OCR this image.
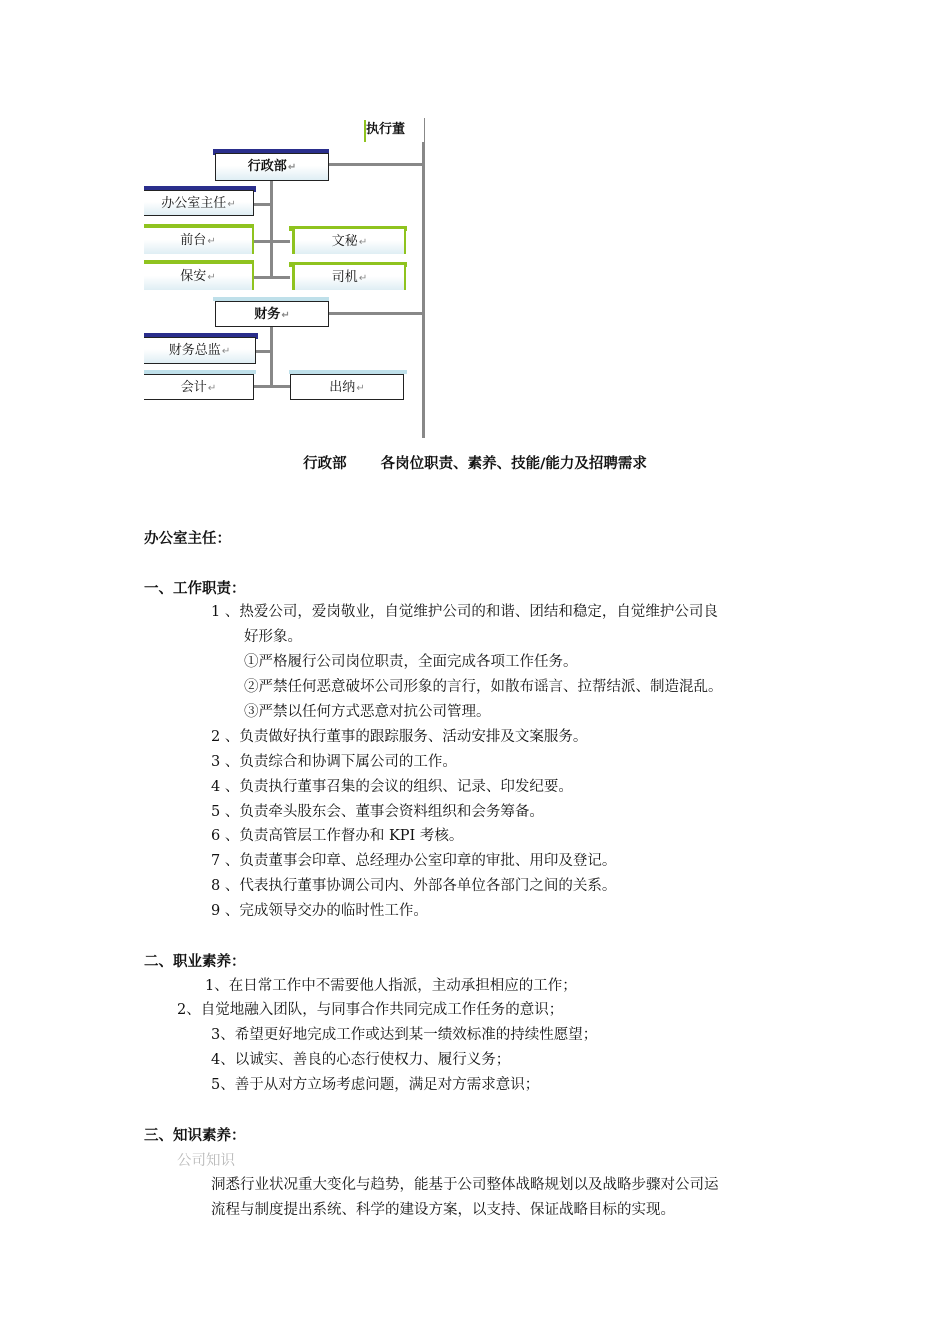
执行董
行政部↵
办公室主任↵
前台↵	文秘↵
保安↵	司机↵
财务↵
财务总监↵
会计↵	出纳↵
行政部 各岗位职责、素养、技能/能力及招聘需求
办公室主任：
一、工作职责：
1 、热爱公司，爱岗敬业，自觉维护公司的和谐、团结和稳定，自觉维护公司良
好形象。
①严格履行公司岗位职责，全面完成各项工作任务。
②严禁任何恶意破坏公司形象的言行，如散布谣言、拉帮结派、制造混乱。
③严禁以任何方式恶意对抗公司管理。
2 、负责做好执行董事的跟踪服务、活动安排及文案服务。
3 、负责综合和协调下属公司的工作。
4 、负责执行董事召集的会议的组织、记录、印发纪要。
5 、负责牵头股东会、董事会资料组织和会务筹备。
6 、负责高管层工作督办和 KPI 考核。
7 、负责董事会印章、总经理办公室印章的审批、用印及登记。
8 、代表执行董事协调公司内、外部各单位各部门之间的关系。
9 、完成领导交办的临时性工作。
二、职业素养：
1、在日常工作中不需要他人指派，主动承担相应的工作；
2、自觉地融入团队，与同事合作共同完成工作任务的意识；
3、希望更好地完成工作或达到某一绩效标准的持续性愿望；
4、以诚实、善良的心态行使权力、履行义务；
5、善于从对方立场考虑问题，满足对方需求意识；
三、知识素养：
公司知识
洞悉行业状况重大变化与趋势，能基于公司整体战略规划以及战略步骤对公司运
流程与制度提出系统、科学的建设方案，以支持、保证战略目标的实现。
